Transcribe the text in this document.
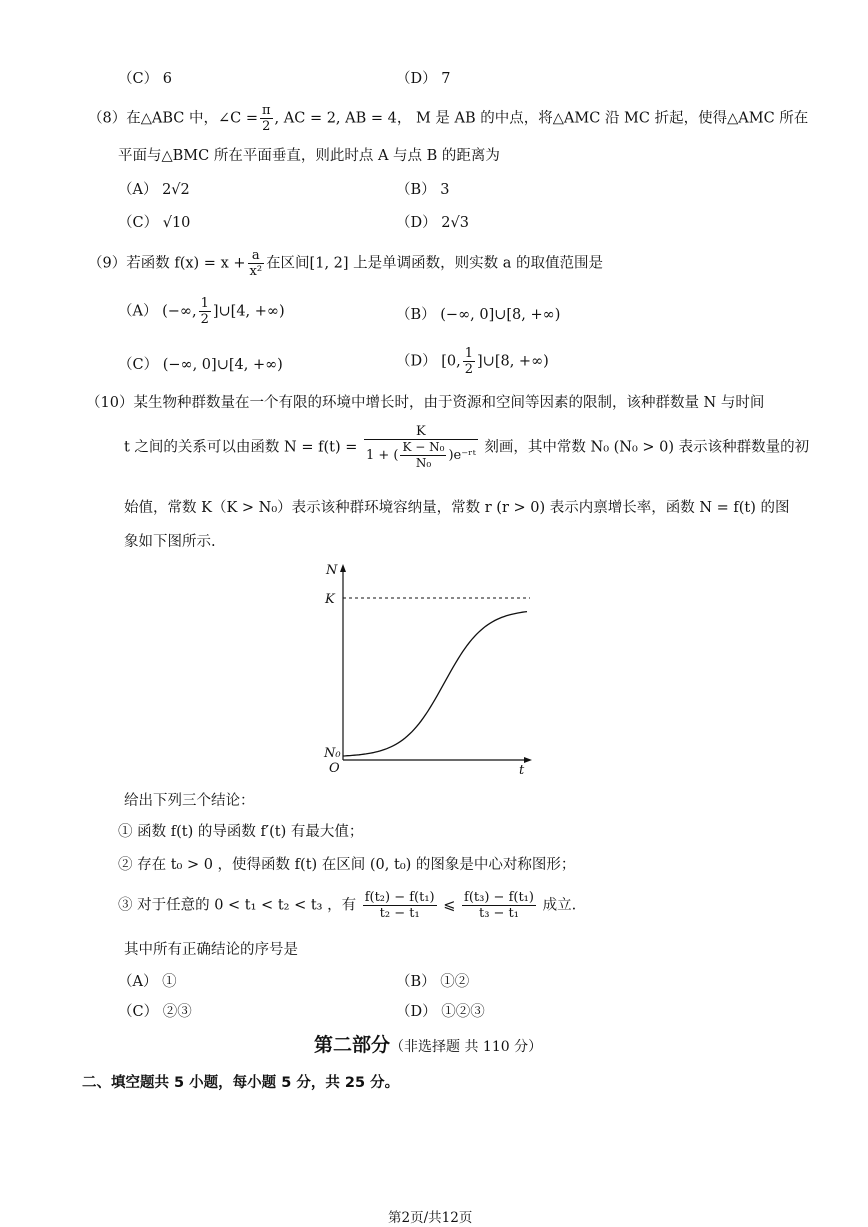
（C） 6	（D） 7
（8）在△ABC 中，∠C = $\frac{\pi}{2}$ , AC = 2, AB = 4， M 是 AB 的中点，将△AMC 沿 MC 折起，使得△AMC 所在
平面与△BMC 所在平面垂直，则此时点 A 与点 B 的距离为
（A） 2√2	（B） 3
（C） √10	（D） 2√3
（9）若函数 $f(x) = x + \frac{a}{\text{x²}}$ 在区间[1, 2] 上是单调函数，则实数 a 的取值范围是
（A） (−∞, $\frac{1}{2}$ ]∪[4, +∞)	（B） (−∞, 0]∪[8, +∞)
（C） (−∞, 0]∪[4, +∞)	（D） [0, $\frac{1}{2}$ ]∪[8, +∞)
（10）某生物种群数量在一个有限的环境中增长时，由于资源和空间等因素的限制，该种群数量 N 与时间
t 之间的关系可以由函数 $N = f(t) = \frac{K}{1 + ( \frac{\text{K − N₀}}{\text{N₀}} )e^-ʳᵗ}$ 刻画，其中常数 N₀ (N₀ > 0) 表示该种群数量的初
始值，常数 K（K > N₀）表示该种群环境容纳量，常数 r (r > 0) 表示内禀增长率，函数 N = f(t) 的图
象如下图所示.
N
K
N₀
O	t
给出下列三个结论：
① 函数 f(t) 的导函数 f′(t) 有最大值；
② 存在 t₀ > 0 ，使得函数 f(t) 在区间 (0, t₀) 的图象是中心对称图形；
③ 对于任意的 0 < t₁ < t₂ < t₃ ，有 $\frac{\text{f(t₂) − f(t₁)}}{\text{t₂ − t₁}}$ ⩽ $\frac{\text{f(t₃) − f(t₁)}}{\text{t₃ − t₁}}$ 成立.
其中所有正确结论的序号是
（A） ①	（B） ①②
（C） ②③	（D） ①②③
第二部分（非选择题 共 110 分）
二、填空题共 5 小题，每小题 5 分，共 25 分。
第2页/共12页
